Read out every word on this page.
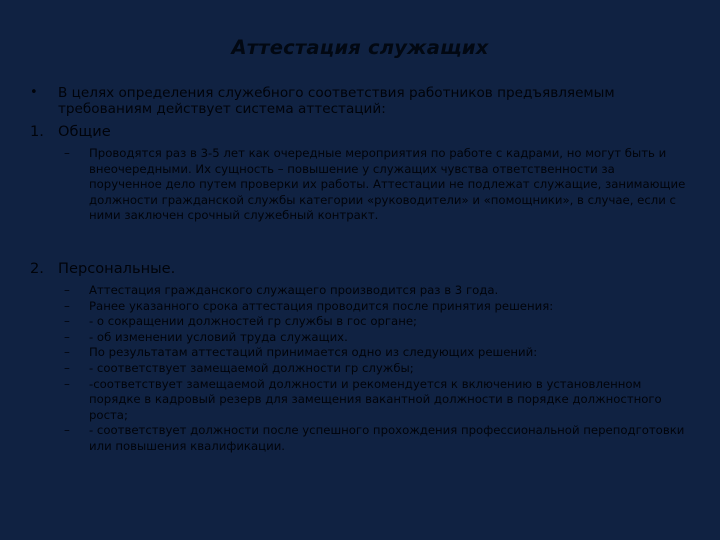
Аттестация служащих
• В целях определения служебного соответствия работников предъявляемым требованиям действует система аттестаций:
1. Общие
– Проводятся раз в 3-5 лет как очередные мероприятия по работе с кадрами, но могут быть и внеочередными. Их сущность – повышение у служащих чувства ответственности за порученное дело путем проверки их работы. Аттестации не подлежат служащие, занимающие должности гражданской службы категории «руководители» и «помощники», в случае, если с ними заключен срочный служебный контракт.
2. Персональные.
– Аттестация гражданского служащего производится раз в 3 года.
– Ранее указанного срока аттестация проводится после принятия решения:
– - о сокращении должностей гр службы в гос органе;
– - об изменении условий труда служащих.
– По результатам аттестаций принимается одно из следующих решений:
– - соответствует замещаемой должности гр службы;
– -соответствует замещаемой должности и рекомендуется к включению в установленном порядке в кадровый резерв для замещения вакантной должности в порядке должностного роста;
– - соответствует должности после успешного прохождения профессиональной переподготовки или повышения квалификации.
